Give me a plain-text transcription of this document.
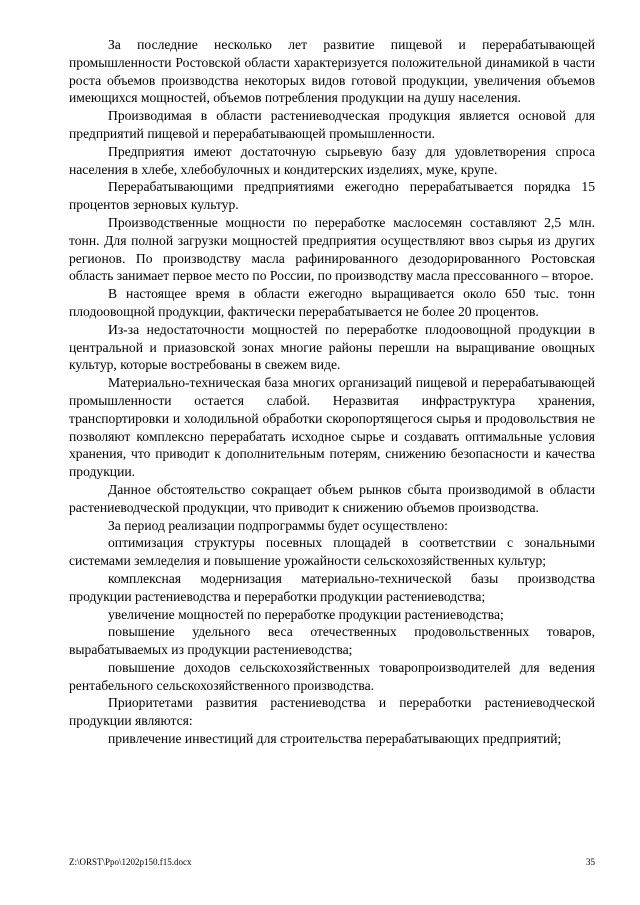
За последние несколько лет развитие пищевой и перерабатывающей промышленности Ростовской области характеризуется положительной динамикой в части роста объемов производства некоторых видов готовой продукции, увеличения объемов имеющихся мощностей, объемов потребления продукции на душу населения.

Производимая в области растениеводческая продукция является основой для предприятий пищевой и перерабатывающей промышленности.

Предприятия имеют достаточную сырьевую базу для удовлетворения спроса населения в хлебе, хлебобулочных и кондитерских изделиях, муке, крупе.

Перерабатывающими предприятиями ежегодно перерабатывается порядка 15 процентов зерновых культур.

Производственные мощности по переработке маслосемян составляют 2,5 млн. тонн. Для полной загрузки мощностей предприятия осуществляют ввоз сырья из других регионов. По производству масла рафинированного дезодорированного Ростовская область занимает первое место по России, по производству масла прессованного – второе.

В настоящее время в области ежегодно выращивается около 650 тыс. тонн плодоовощной продукции, фактически перерабатывается не более 20 процентов.

Из-за недостаточности мощностей по переработке плодоовощной продукции в центральной и приазовской зонах многие районы перешли на выращивание овощных культур, которые востребованы в свежем виде.

Материально-техническая база многих организаций пищевой и перерабатывающей промышленности остается слабой. Неразвитая инфраструктура хранения, транспортировки и холодильной обработки скоропортящегося сырья и продовольствия не позволяют комплексно перерабатать исходное сырье и создавать оптимальные условия хранения, что приводит к дополнительным потерям, снижению безопасности и качества продукции.

Данное обстоятельство сокращает объем рынков сбыта производимой в области растениеводческой продукции, что приводит к снижению объемов производства.

За период реализации подпрограммы будет осуществлено:

оптимизация структуры посевных площадей в соответствии с зональными системами земледелия и повышение урожайности сельскохозяйственных культур;

комплексная модернизация материально-технической базы производства продукции растениеводства и переработки продукции растениеводства;

увеличение мощностей по переработке продукции растениеводства;

повышение удельного веса отечественных продовольственных товаров, вырабатываемых из продукции растениеводства;

повышение доходов сельскохозяйственных товаропроизводителей для ведения рентабельного сельскохозяйственного производства.

Приоритетами развития растениеводства и переработки растениеводческой продукции являются:

привлечение инвестиций для строительства перерабатывающих предприятий;

Z:\ORST\Ppo\1202p150.f15.docx	35
